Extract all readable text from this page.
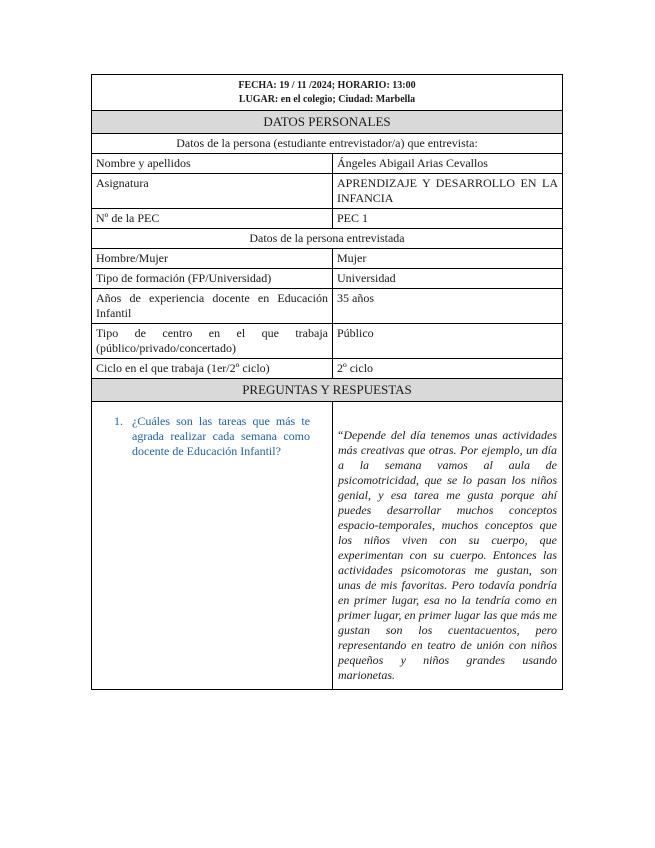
FECHA: 19 / 11 /2024; HORARIO: 13:00
LUGAR: en el colegio; Ciudad: Marbella	

DATOS PERSONALES	
Datos de la persona (estudiante entrevistador/a) que entrevista:	
Nombre y apellidos	Ángeles Abigail Arias Cevallos
Asignatura	APRENDIZAJE Y DESARROLLO EN LA INFANCIA
Nº de la PEC	PEC 1
Datos de la persona entrevistada	
Hombre/Mujer	Mujer
Tipo de formación (FP/Universidad)	Universidad
Años de experiencia docente en Educación Infantil	35 años
Tipo de centro en el que trabaja (público/privado/concertado)	Público
Ciclo en el que trabaja (1er/2º ciclo)	2º ciclo
PREGUNTAS Y RESPUESTAS	
1. ¿Cuáles son las tareas que más te agrada realizar cada semana como docente de Educación Infantil?	“Depende del día tenemos unas actividades más creativas que otras. Por ejemplo, un día a la semana vamos al aula de psicomotricidad, que se lo pasan los niños genial, y esa tarea me gusta porque ahí puedes desarrollar muchos conceptos espacio-temporales, muchos conceptos que los niños viven con su cuerpo, que experimentan con su cuerpo. Entonces las actividades psicomotoras me gustan, son unas de mis favoritas. Pero todavía pondría en primer lugar, esa no la tendría como en primer lugar, en primer lugar las que más me gustan son los cuentacuentos, pero representando en teatro de unión con niños pequeños y niños grandes usando marionetas.
